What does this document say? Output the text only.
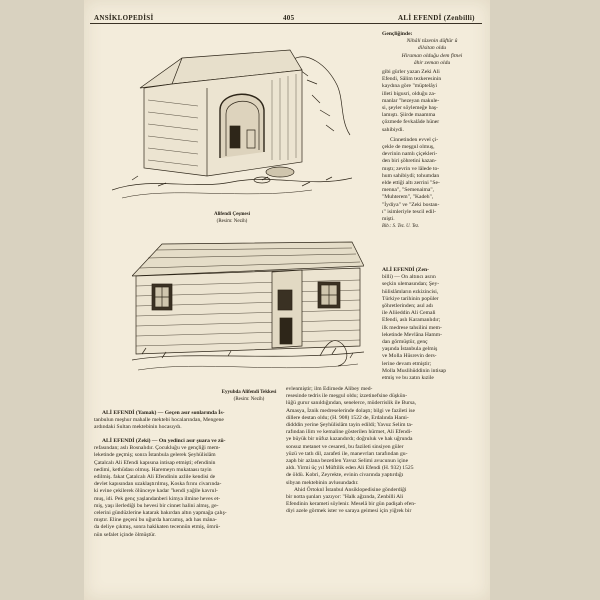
ANSİKLOPEDİSİ	405	ALİ EFENDİ (Zenbilli)
Alifendi Çeşmesi
(Resim: Nezih)
Eyyubda Alifendi Tekkesi
(Resim: Nezih)

Gençliğinde:

Nihâli tâzenin düftür û

dilsitan oldu

Hiraman olduğu dem fitnei

âhir zeman oldu

gibi gürler yazan Zeki Ali

Efendi, Sâlim tezkeresinin

kaydına göre "müptelâyi

illeti bigusri, olduğu za-

manlar "hezeyan makule-

si, şeyler söylemeğe baş-

lamıştı. Şiirde maamma

çözmede fevkalâde hüner

sahibiydi.

Cinnetinden evvel çi-

çekle de meşgul olmuş,

devrinin namlı çiçekleri-

den biri şöhretini kazan-

mıştı; zevrin ve lâlede to-

hum sahibiydi; tohumdan

elde ettiği altı zerrini "Se-

menna", "Semenaima",

"Muhterem", "Kadeh",

"İydiya" ve "Zeki bostan-

ı" isimleriyle tescil edil-

mişti.

Bib.: S. Tez. U. Tez.

ALİ EFENDİ (Zen-

billi) — On altıncı asrın

seçkin ulemasından; Şey-

hülislâmların ezkizincisi,

Türkiye tarihinin popüler

şöhretlerinden; asıl adı

ile Aliieddin Ali Cemali

Efendi, aslı Karamanlıdır;

ilk medrese tahsilini mem-

leketinde Mevlâna Hamm-

dan görmüştür, genç

yaşında İstanbula gelmiş

ve Molla Hüsrevin ders-

lerine devam etmiştir;

Molla Muslihüddinin intisap

etmiş ve bu zatın kızile

evlenmiştir; ilm Edirnede Alibey med-

resesinde tedris ile meşgul oldu; izzetinefsine düşkün-

lüğü gurur sanıldığından, senelerce, müderrislik ile Bursa,

Amasya, İznik medreselerinde dolaştı; bilgi ve fazileti ise

dillere destan oldu; (H. 908) 1522 de, Erdalında Hami-

didddin yerine Şeyhülislâm tayin edildi; Yavuz Selim ta-

rafından ilim ve kemaline gösterilen hürmet, Ali Efendi-

ye büyük bir nüfuz kazandırdı; doğruluk ve hak uğrunda

sonsuz metanet ve cesareti, bu fazileti sinsiyen güler

yüzü ve tatlı dil, zarafeti ile, manevrları tarafından gu-

zaph bir azlana bezetilen Yavuz Selimi avucunun içine

aldı. Yirmi üç yıl Müftilik eden Ali Efendi (H. 932) 1525

de öldü. Kobri, Zeyrekte, evinin civarında yaptırdığı

sibyan mektebinin avlusundadır.

Ahid Örtoknl İstanbul Ansiklopedisine gönderdiği

bir notta şunları yazıyor: "Halk ağzında, Zenbilli Ali

Efendinin kerameti söylenir. Meselâ bir gün padişah efen-

diyi azele görmek ister ve saraya geimesi için yiğrek bir

ALİ EFENDİ (Yamak) — Geçen asır sonlarında İs-

tanbulun meşhur mahalle mektebi hocalarından, Mengene

ardındaki Sultan mektebinin hocasıydı.

ALİ EFENDİ (Zeki) — On yedinci asır şuara ve zü-

refasından; aslı Bosnalıdır. Çocukluğu ve gençliği mem-

leketinde geçmiş; sonra İstanbula gelerek Şeyhülislâm

Çatalcalı Ali Efendi kapısına intisap etmişti; efendinin

nedimi, kethüdası olmuş. Haremeyn mukataası tayin

edilmiş. fakat Çatalcalı Ali Efendinin azlile kendisi de

devlet kapısından uzaklaştırılmış, Koska fırını civarında-

ki evine çekilerek ölünceye kadar "kendi yağile kavrul-

muş, idi. Pek genç yaşlandanberi kimya ilmine heves et-

miş, yaşı ilerlediği bu hevesi bir cinnet halini almış, ge-

celerini gündüzlerine katarak bakırdan altın yapmağa çalış-

mıştır. Eline geçeni bu uğurda harcamış, adı has mâna-

da deliye çıkmış, sonra hakikaten tecennün etmiş, ömrü-

nün sefalet içinde ölmüştür.
